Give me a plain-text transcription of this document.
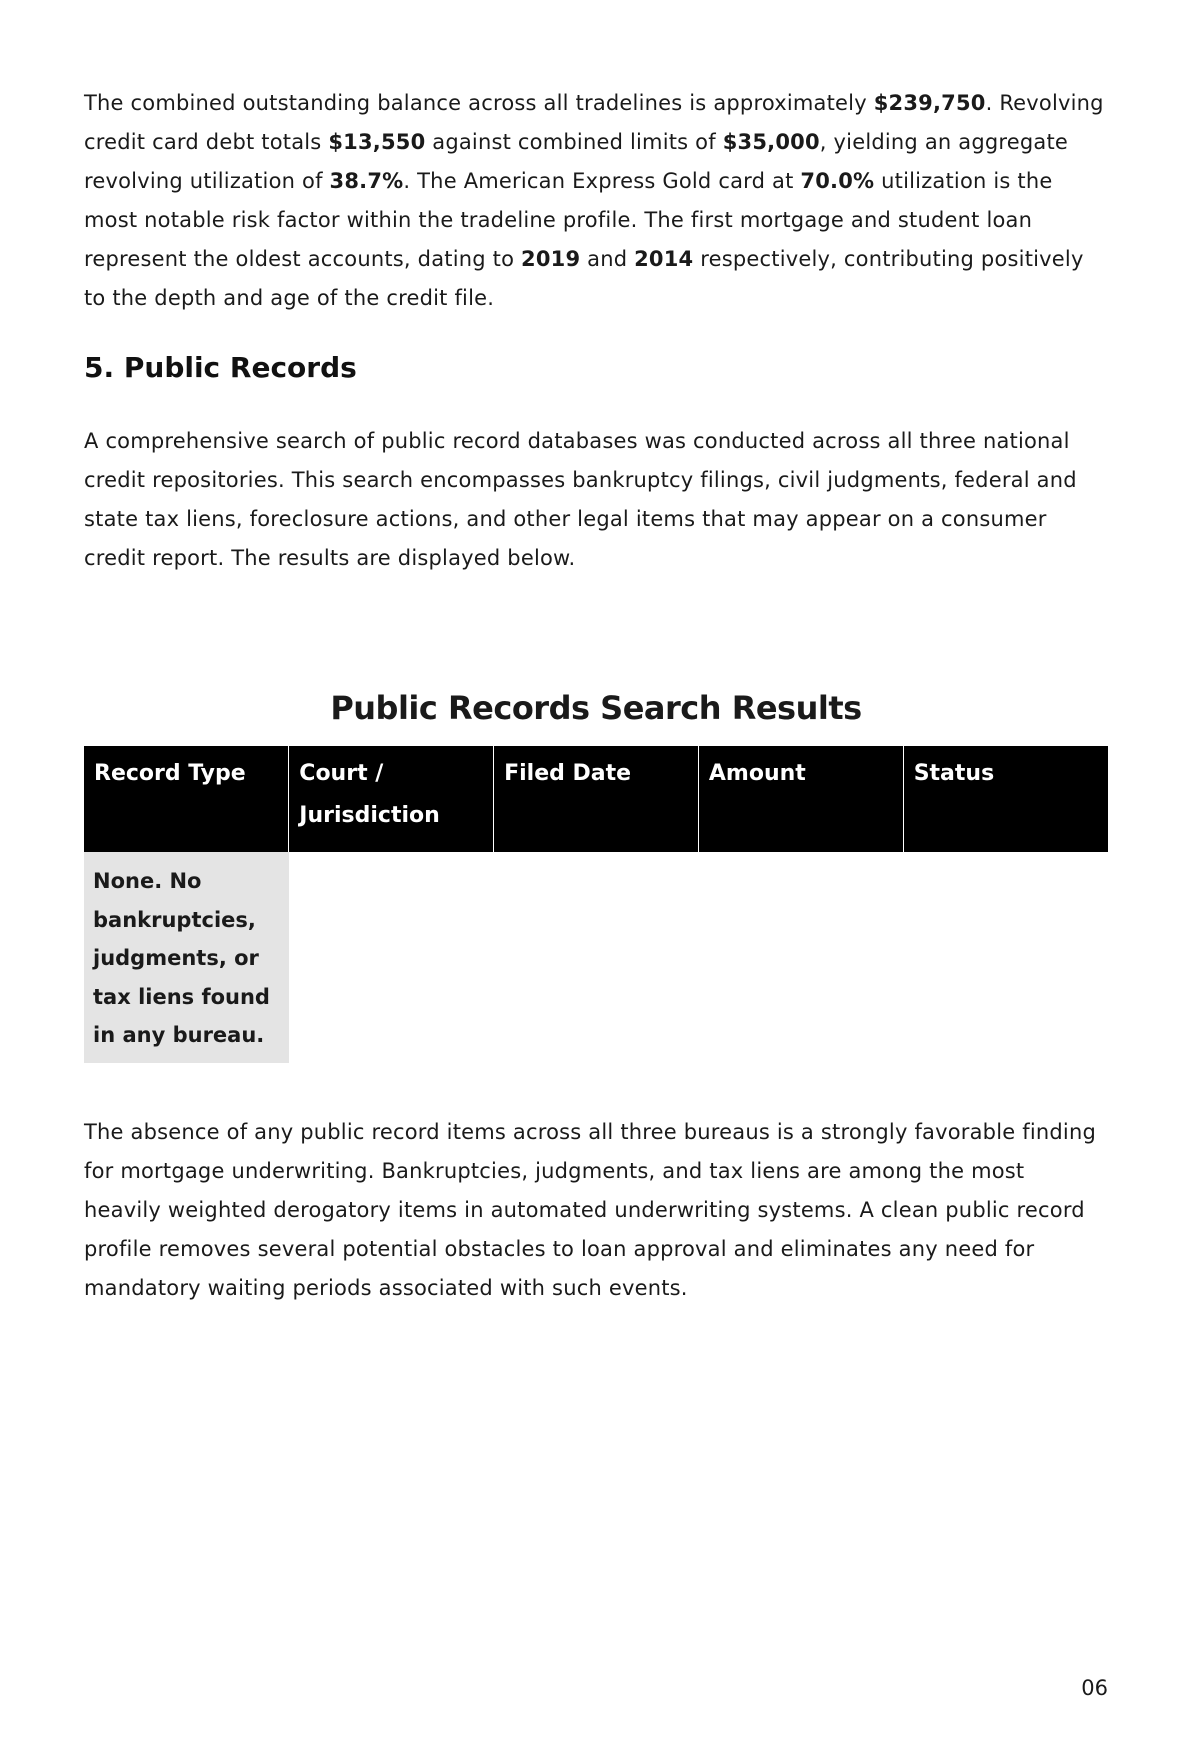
The combined outstanding balance across all tradelines is approximately $239,750. Revolving credit card debt totals $13,550 against combined limits of $35,000, yielding an aggregate revolving utilization of 38.7%. The American Express Gold card at 70.0% utilization is the most notable risk factor within the tradeline profile. The first mortgage and student loan represent the oldest accounts, dating to 2019 and 2014 respectively, contributing positively to the depth and age of the credit file.

5. Public Records

A comprehensive search of public record databases was conducted across all three national credit repositories. This search encompasses bankruptcy filings, civil judgments, federal and state tax liens, foreclosure actions, and other legal items that may appear on a consumer credit report. The results are displayed below.

Public Records Search Results
Record Type	Court / Jurisdiction	Filed Date	Amount	Status
None. No bankruptcies, judgments, or tax liens found in any bureau.				

The absence of any public record items across all three bureaus is a strongly favorable finding for mortgage underwriting. Bankruptcies, judgments, and tax liens are among the most heavily weighted derogatory items in automated underwriting systems. A clean public record profile removes several potential obstacles to loan approval and eliminates any need for mandatory waiting periods associated with such events.

06
